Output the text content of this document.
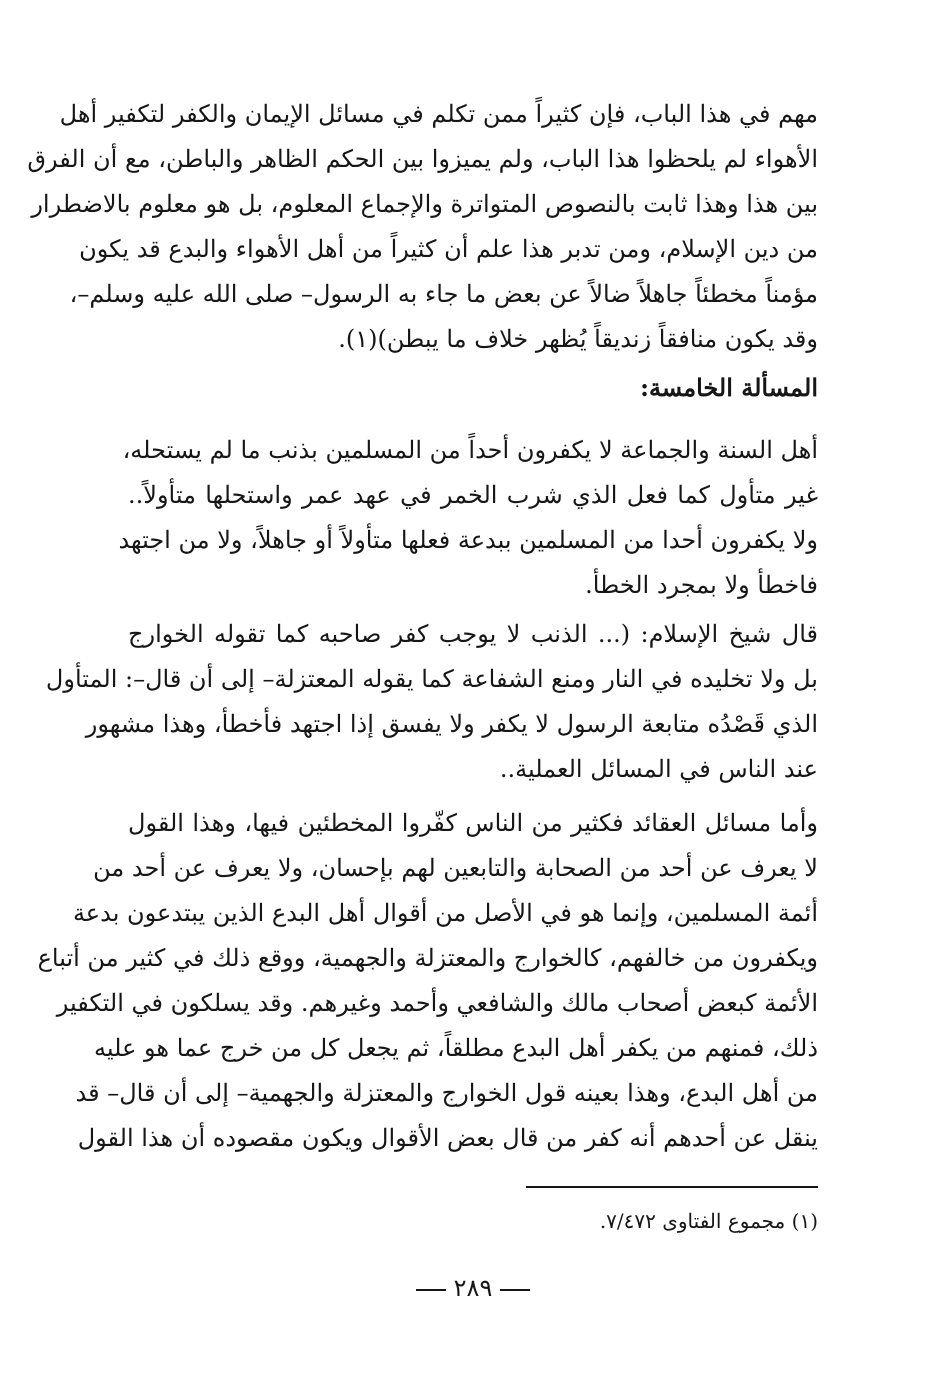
مهم في هذا الباب، فإن كثيراً ممن تكلم في مسائل الإيمان والكفر لتكفير أهل
الأهواء لم يلحظوا هذا الباب، ولم يميزوا بين الحكم الظاهر والباطن، مع أن الفرق
بين هذا وهذا ثابت بالنصوص المتواترة والإجماع المعلوم، بل هو معلوم بالاضطرار
من دين الإسلام، ومن تدبر هذا علم أن كثيراً من أهل الأهواء والبدع قد يكون
مؤمناً مخطئاً جاهلاً ضالاً عن بعض ما جاء به الرسول– صلى الله عليه وسلم–،
وقد يكون منافقاً زنديقاً يُظهر خلاف ما يبطن)(١).
المسألة الخامسة:
أهل السنة والجماعة لا يكفرون أحداً من المسلمين بذنب ما لم يستحله،
غير متأول كما فعل الذي شرب الخمر في عهد عمر واستحلها متأولاً..
ولا يكفرون أحدا من المسلمين ببدعة فعلها متأولاً أو جاهلاً، ولا من اجتهد
فاخطأ ولا بمجرد الخطأ.
قال شيخ الإسلام: (... الذنب لا يوجب كفر صاحبه كما تقوله الخوارج
بل ولا تخليده في النار ومنع الشفاعة كما يقوله المعتزلة– إلى أن قال–: المتأول
الذي قَصْدُه متابعة الرسول لا يكفر ولا يفسق إذا اجتهد فأخطأ، وهذا مشهور
عند الناس في المسائل العملية..
وأما مسائل العقائد فكثير من الناس كفّروا المخطئين فيها، وهذا القول
لا يعرف عن أحد من الصحابة والتابعين لهم بإحسان، ولا يعرف عن أحد من
أئمة المسلمين، وإنما هو في الأصل من أقوال أهل البدع الذين يبتدعون بدعة
ويكفرون من خالفهم، كالخوارج والمعتزلة والجهمية، ووقع ذلك في كثير من أتباع
الأئمة كبعض أصحاب مالك والشافعي وأحمد وغيرهم. وقد يسلكون في التكفير
ذلك، فمنهم من يكفر أهل البدع مطلقاً، ثم يجعل كل من خرج عما هو عليه
من أهل البدع، وهذا بعينه قول الخوارج والمعتزلة والجهمية– إلى أن قال– قد
ينقل عن أحدهم أنه كفر من قال بعض الأقوال ويكون مقصوده أن هذا القول
(١) مجموع الفتاوى ٧/٤٧٢.
٢٨٩
